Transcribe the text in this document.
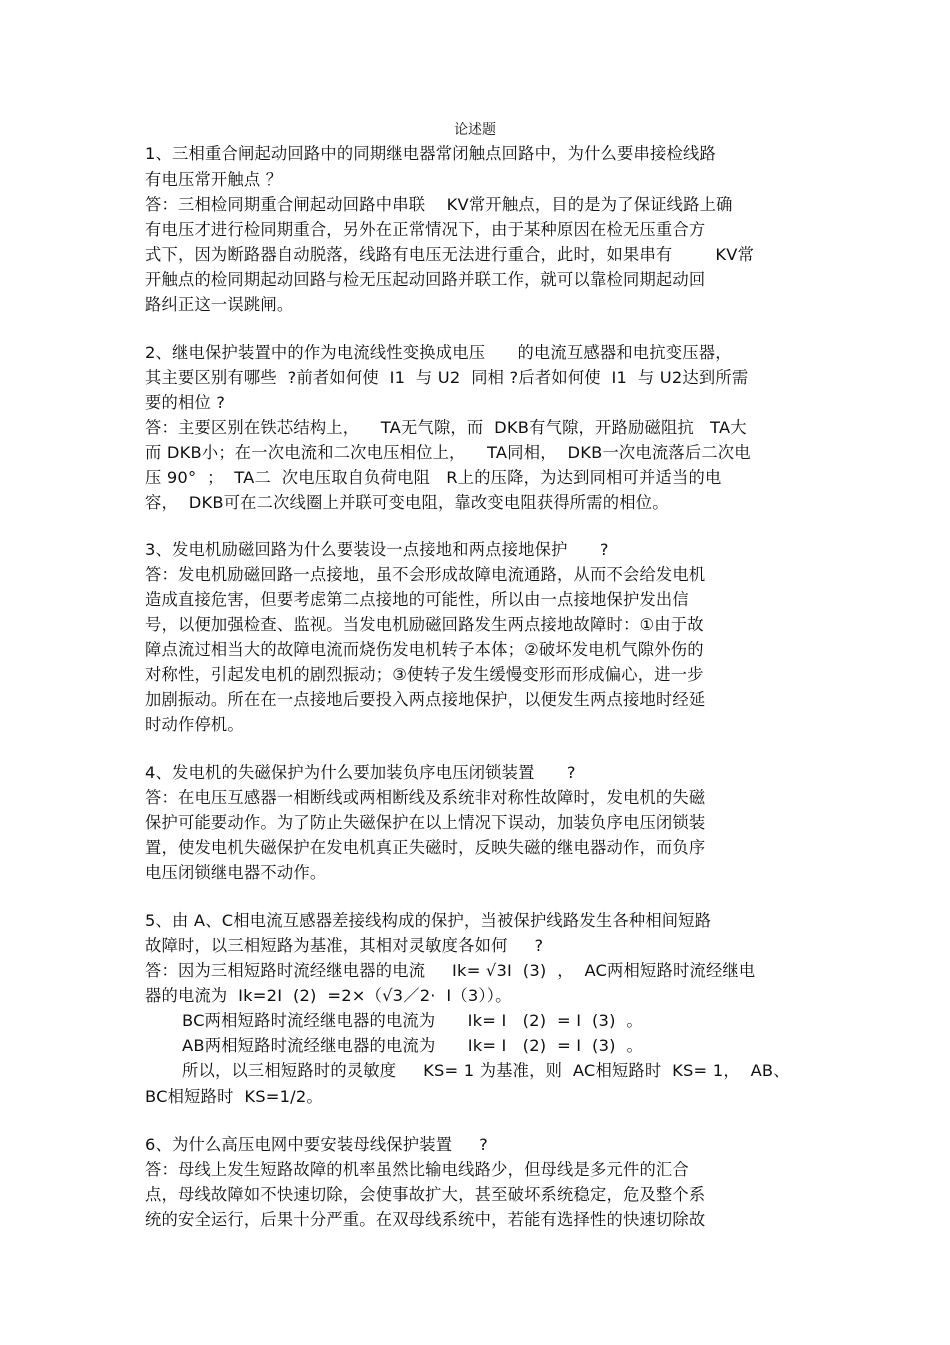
论述题
1、三相重合闸起动回路中的同期继电器常闭触点回路中，为什么要串接检线路
有电压常开触点 ？
答：三相检同期重合闸起动回路中串联    KV常开触点，目的是为了保证线路上确
有电压才进行检同期重合，另外在正常情况下，由于某种原因在检无压重合方
式下，因为断路器自动脱落，线路有电压无法进行重合，此时，如果串有        KV常
开触点的检同期起动回路与检无压起动回路并联工作，就可以靠检同期起动回
路纠正这一误跳闸。
2、继电保护装置中的作为电流线性变换成电压      的电流互感器和电抗变压器，
其主要区别有哪些  ?前者如何使  I1  与 U2  同相 ?后者如何使  I1  与 U2达到所需
要的相位 ?
答：主要区别在铁芯结构上，    TA无气隙，而  DKB有气隙，开路励磁阻抗   TA大
而 DKB小；在一次电流和二次电压相位上，    TA同相，  DKB一次电流落后二次电
压 90°  ；  TA二  次电压取自负荷电阻   R上的压降，为达到同相可并适当的电
容，  DKB可在二次线圈上并联可变电阻，靠改变电阻获得所需的相位。
3、发电机励磁回路为什么要装设一点接地和两点接地保护      ?
答：发电机励磁回路一点接地，虽不会形成故障电流通路，从而不会给发电机
造成直接危害，但要考虑第二点接地的可能性，所以由一点接地保护发出信
号，以便加强检查、监视。当发电机励磁回路发生两点接地故障时：①由于故
障点流过相当大的故障电流而烧伤发电机转子本体；②破坏发电机气隙外伤的
对称性，引起发电机的剧烈振动；③使转子发生缓慢变形而形成偏心，进一步
加剧振动。所在在一点接地后要投入两点接地保护，以便发生两点接地时经延
时动作停机。
4、发电机的失磁保护为什么要加装负序电压闭锁装置      ?
答：在电压互感器一相断线或两相断线及系统非对称性故障时，发电机的失磁
保护可能要动作。为了防止失磁保护在以上情况下误动，加装负序电压闭锁装
置，使发电机失磁保护在发电机真正失磁时，反映失磁的继电器动作，而负序
电压闭锁继电器不动作。
5、由 A、C相电流互感器差接线构成的保护，当被保护线路发生各种相间短路
故障时，以三相短路为基准，其相对灵敏度各如何     ?
答：因为三相短路时流经继电器的电流     Ik= √3I  (3)  ，  AC两相短路时流经继电
器的电流为  Ik=2I  (2)  =2×（√3／2·  I（3））。
BC两相短路时流经继电器的电流为      Ik= I   (2)  = I  (3)  。
AB两相短路时流经继电器的电流为      Ik= I   (2)  = I  (3)  。
所以，以三相短路时的灵敏度     KS= 1 为基准，则  AC相短路时  KS= 1，  AB、
BC相短路时  KS=1/2。
6、为什么高压电网中要安装母线保护装置     ?
答：母线上发生短路故障的机率虽然比输电线路少，但母线是多元件的汇合
点，母线故障如不快速切除，会使事故扩大，甚至破坏系统稳定，危及整个系
统的安全运行，后果十分严重。在双母线系统中，若能有选择性的快速切除故
